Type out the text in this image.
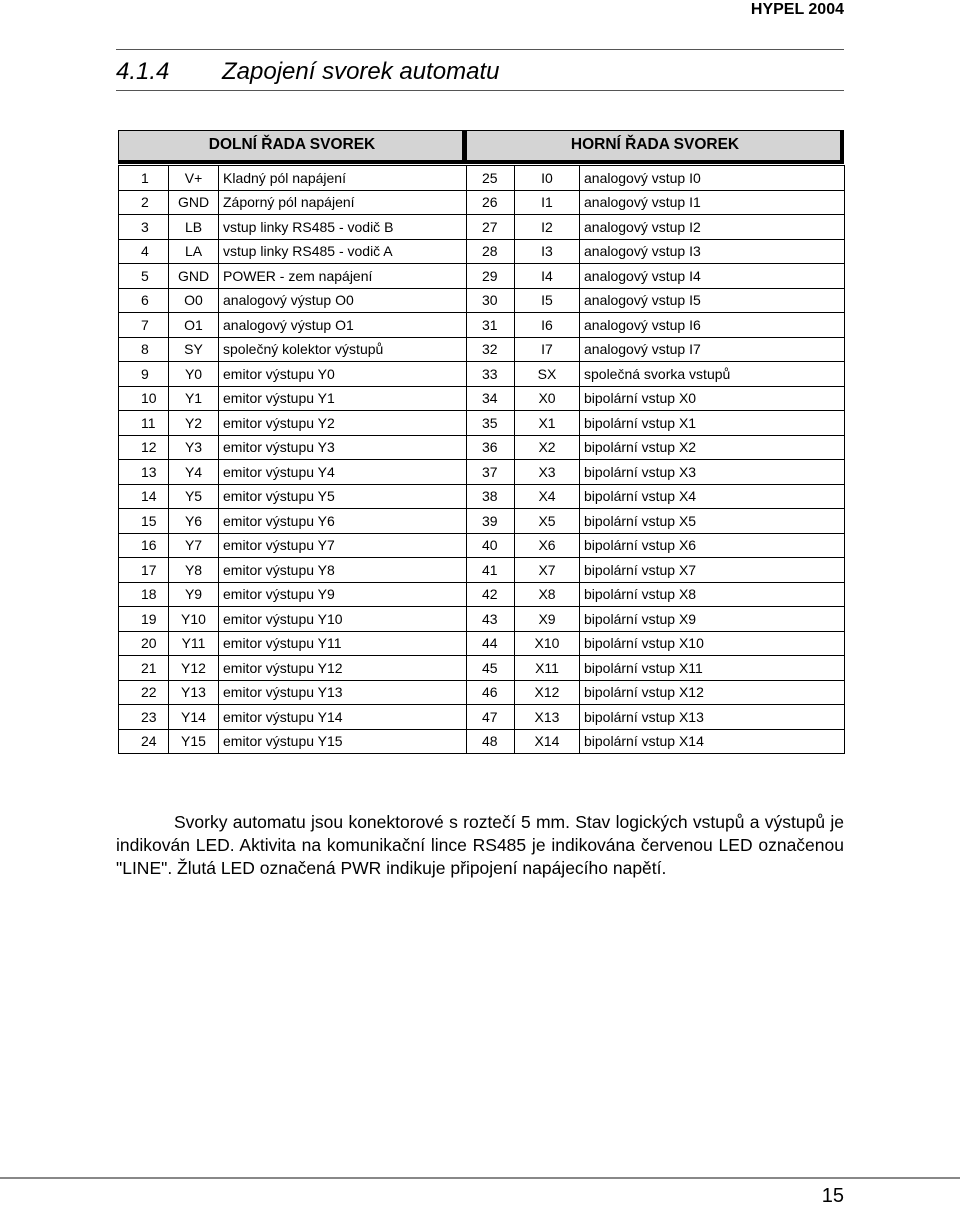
HYPEL 2004
4.1.4 Zapojení svorek automatu
DOLNÍ ŘADA SVOREK	HORNÍ ŘADA SVOREK
1	V+	Kladný pól napájení	25	I0	analogový vstup I0
2	GND	Záporný pól napájení	26	I1	analogový vstup I1
3	LB	vstup linky RS485 - vodič B	27	I2	analogový vstup I2
4	LA	vstup linky RS485 - vodič A	28	I3	analogový vstup I3
5	GND	POWER - zem napájení	29	I4	analogový vstup I4
6	O0	analogový výstup O0	30	I5	analogový vstup I5
7	O1	analogový výstup O1	31	I6	analogový vstup I6
8	SY	společný kolektor výstupů	32	I7	analogový vstup I7
9	Y0	emitor výstupu Y0	33	SX	společná svorka vstupů
10	Y1	emitor výstupu Y1	34	X0	bipolární vstup X0
11	Y2	emitor výstupu Y2	35	X1	bipolární vstup X1
12	Y3	emitor výstupu Y3	36	X2	bipolární vstup X2
13	Y4	emitor výstupu Y4	37	X3	bipolární vstup X3
14	Y5	emitor výstupu Y5	38	X4	bipolární vstup X4
15	Y6	emitor výstupu Y6	39	X5	bipolární vstup X5
16	Y7	emitor výstupu Y7	40	X6	bipolární vstup X6
17	Y8	emitor výstupu Y8	41	X7	bipolární vstup X7
18	Y9	emitor výstupu Y9	42	X8	bipolární vstup X8
19	Y10	emitor výstupu Y10	43	X9	bipolární vstup X9
20	Y11	emitor výstupu Y11	44	X10	bipolární vstup X10
21	Y12	emitor výstupu Y12	45	X11	bipolární vstup X11
22	Y13	emitor výstupu Y13	46	X12	bipolární vstup X12
23	Y14	emitor výstupu Y14	47	X13	bipolární vstup X13
24	Y15	emitor výstupu Y15	48	X14	bipolární vstup X14

Svorky automatu jsou konektorové s roztečí 5 mm. Stav logických vstupů a výstupů je indikován LED. Aktivita na komunikační lince RS485 je indikována červenou LED označenou "LINE". Žlutá LED označená PWR indikuje připojení napájecího napětí.

15
